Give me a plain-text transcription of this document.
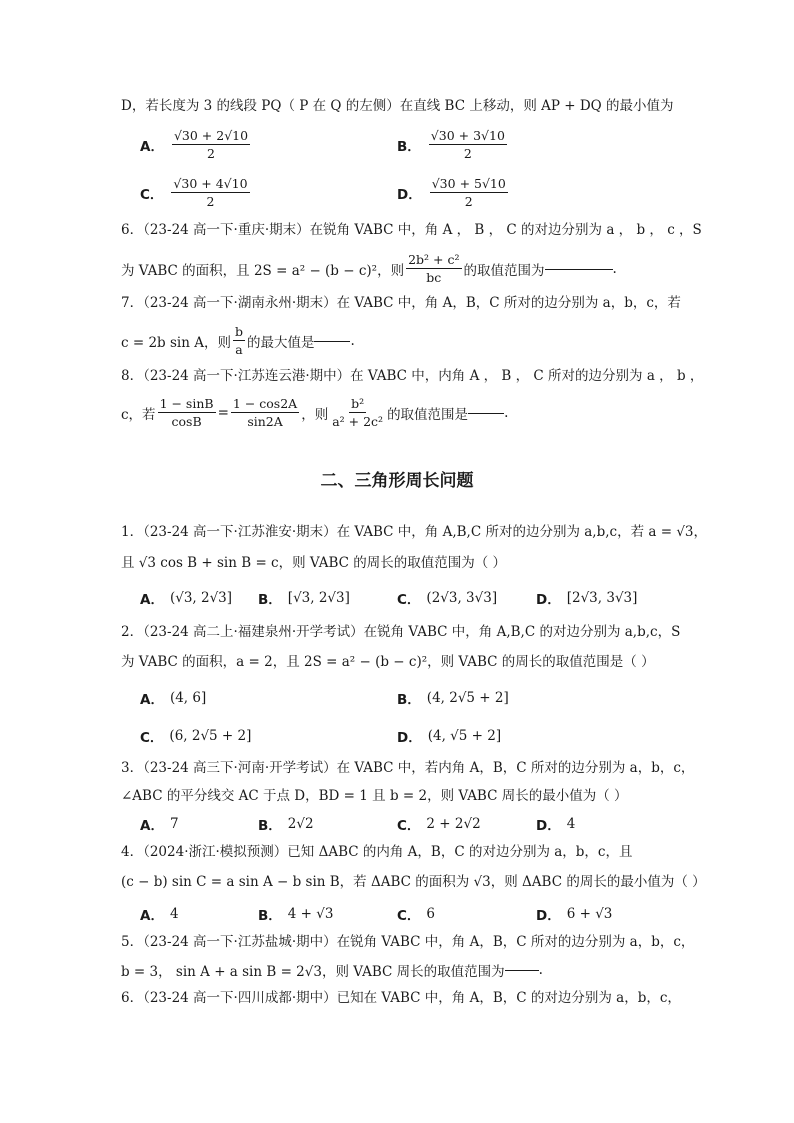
D，若长度为 3 的线段 PQ（ P 在 Q 的左侧）在直线 BC 上移动，则 AP + DQ 的最小值为
A． $\frac{√30 + 2√10}{2}$	B． $\frac{√30 + 3√10}{2}$
C． $\frac{√30 + 4√10}{2}$	D． $\frac{√30 + 5√10}{2}$
6．（23-24 高一下·重庆·期末）在锐角 VABC 中，角 A ， B ， C 的对边分别为 a ， b ， c ，S
为 VABC 的面积，且 2S = a² − (b − c)²，则 $\frac{\text{2b² + c²}}{bc}$ 的取值范围为	.
7．（23-24 高一下·湖南永州·期末）在 VABC 中，角 A，B，C 所对的边分别为 a，b，c，若
c = 2b sin A，则 $\frac{b}{a}$ 的最大值是	.
8．（23-24 高一下·江苏连云港·期中）在 VABC 中，内角 A ， B ， C 所对的边分别为 a ， b ，
c，若 $\frac{1 - \sin B}{\cos B} = \frac{1 - \cos 2A}{\sin 2A}$ ，则 $\frac{\text{b²}}{\text{a² + 2c²}}$ 的取值范围是	.
二、三角形周长问题
1．（23-24 高一下·江苏淮安·期末）在 VABC 中，角 A,B,C 所对的边分别为 a,b,c，若 a = √3，
且 √3 cos B + sin B = c，则 VABC 的周长的取值范围为（ ）
A． (√3, 2√3] B． [√3, 2√3]	C． (2√3, 3√3]	D． [2√3, 3√3]
2．（23-24 高二上·福建泉州·开学考试）在锐角 VABC 中，角 A,B,C 的对边分别为 a,b,c，S
为 VABC 的面积，a = 2，且 2S = a² − (b − c)²，则 VABC 的周长的取值范围是（ ）
A． (4, 6]	B． (4, 2√5 + 2]
C． (6, 2√5 + 2]	D． (4, √5 + 2]
3．（23-24 高三下·河南·开学考试）在 VABC 中，若内角 A，B，C 所对的边分别为 a，b，c，
∠ABC 的平分线交 AC 于点 D，BD = 1 且 b = 2，则 VABC 周长的最小值为（ ）
A． 7	B． 2√2	C． 2 + 2√2	D． 4
4．（2024·浙江·模拟预测）已知 ΔABC 的内角 A，B，C 的对边分别为 a，b，c，且
(c − b) sin C = a sin A − b sin B，若 ΔABC 的面积为 √3，则 ΔABC 的周长的最小值为（ ）
A． 4	B． 4 + √3	C． 6	D． 6 + √3
5．（23-24 高一下·江苏盐城·期中）在锐角 VABC 中，角 A，B，C 所对的边分别为 a，b，c，
b = 3， sin A + a sin B = 2√3，则 VABC 周长的取值范围为	.
6．（23-24 高一下·四川成都·期中）已知在 VABC 中，角 A，B，C 的对边分别为 a，b，c，
